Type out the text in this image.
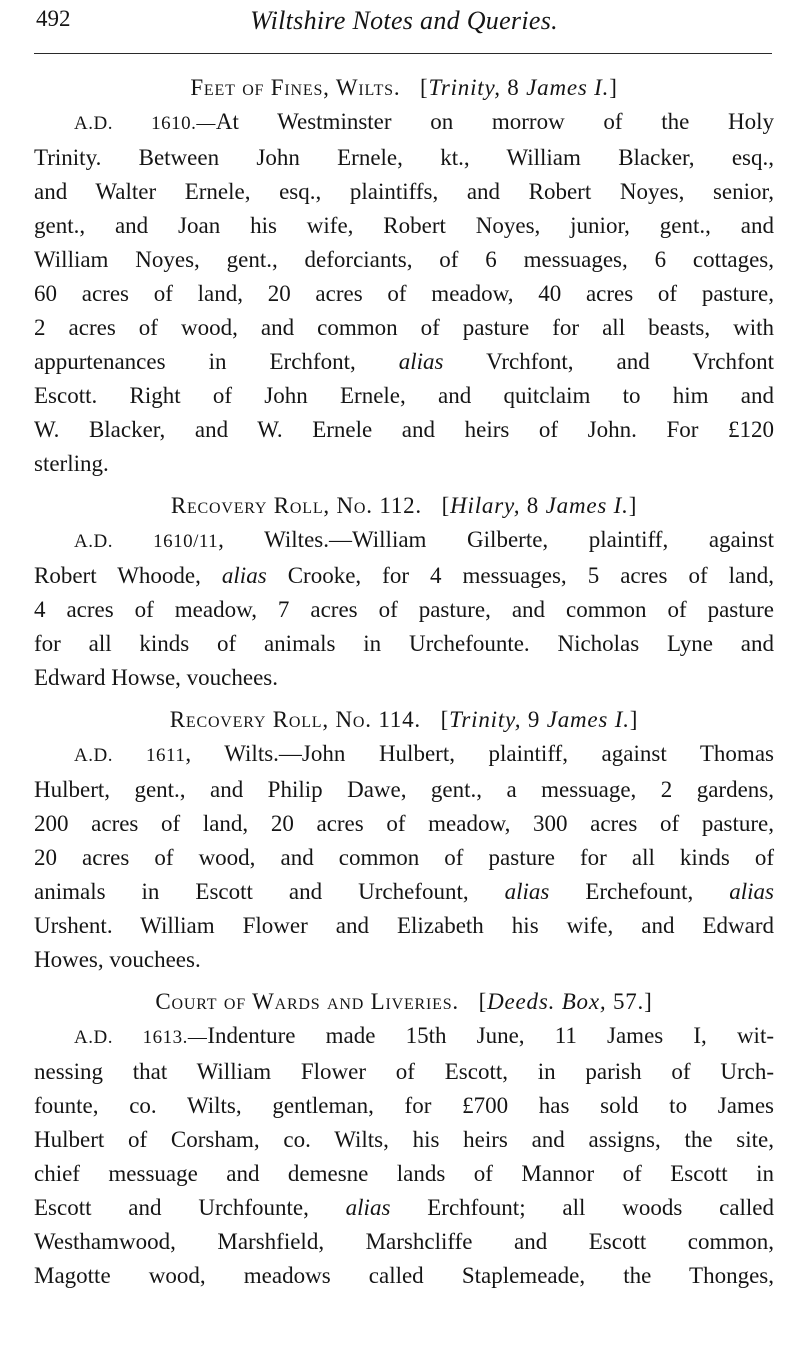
492	Wiltshire Notes and Queries.
Feet of Fines, Wilts. [Trinity, 8 James I.]

A.D. 1610.—At Westminster on morrow of the Holy
Trinity. Between John Ernele, kt., William Blacker, esq.,
and Walter Ernele, esq., plaintiffs, and Robert Noyes, senior,
gent., and Joan his wife, Robert Noyes, junior, gent., and
William Noyes, gent., deforciants, of 6 messuages, 6 cottages,
60 acres of land, 20 acres of meadow, 40 acres of pasture,
2 acres of wood, and common of pasture for all beasts, with
appurtenances in Erchfont, alias Vrchfont, and Vrchfont
Escott. Right of John Ernele, and quitclaim to him and
W. Blacker, and W. Ernele and heirs of John. For £120
sterling.

Recovery Roll, No. 112. [Hilary, 8 James I.]

A.D. 1610/11, Wiltes.—William Gilberte, plaintiff, against
Robert Whoode, alias Crooke, for 4 messuages, 5 acres of land,
4 acres of meadow, 7 acres of pasture, and common of pasture
for all kinds of animals in Urchefounte. Nicholas Lyne and
Edward Howse, vouchees.

Recovery Roll, No. 114. [Trinity, 9 James I.]

A.D. 1611, Wilts.—John Hulbert, plaintiff, against Thomas
Hulbert, gent., and Philip Dawe, gent., a messuage, 2 gardens,
200 acres of land, 20 acres of meadow, 300 acres of pasture,
20 acres of wood, and common of pasture for all kinds of
animals in Escott and Urchefount, alias Erchefount, alias
Urshent. William Flower and Elizabeth his wife, and Edward
Howes, vouchees.

Court of Wards and Liveries. [Deeds. Box, 57.]

A.D. 1613.—Indenture made 15th June, 11 James I, wit-
nessing that William Flower of Escott, in parish of Urch-
founte, co. Wilts, gentleman, for £700 has sold to James
Hulbert of Corsham, co. Wilts, his heirs and assigns, the site,
chief messuage and demesne lands of Mannor of Escott in
Escott and Urchfounte, alias Erchfount; all woods called
Westhamwood, Marshfield, Marshcliffe and Escott common,
Magotte wood, meadows called Staplemeade, the Thonges,
